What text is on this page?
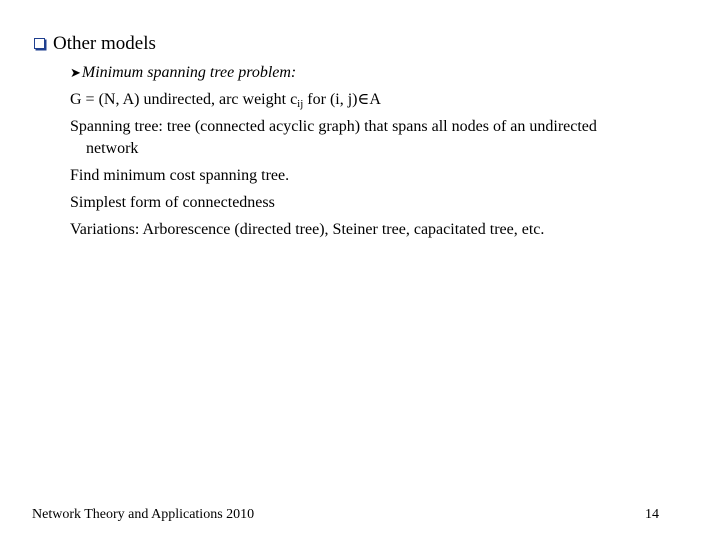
Other models
➤Minimum spanning tree problem:
G = (N, A) undirected, arc weight $c_{ij}$ for (i, j)∈A
Spanning tree: tree (connected acyclic graph) that spans all nodes of an undirected
network
Find minimum cost spanning tree.
Simplest form of connectedness
Variations: Arborescence (directed tree), Steiner tree, capacitated tree, etc.
Network Theory and Applications 2010	14
